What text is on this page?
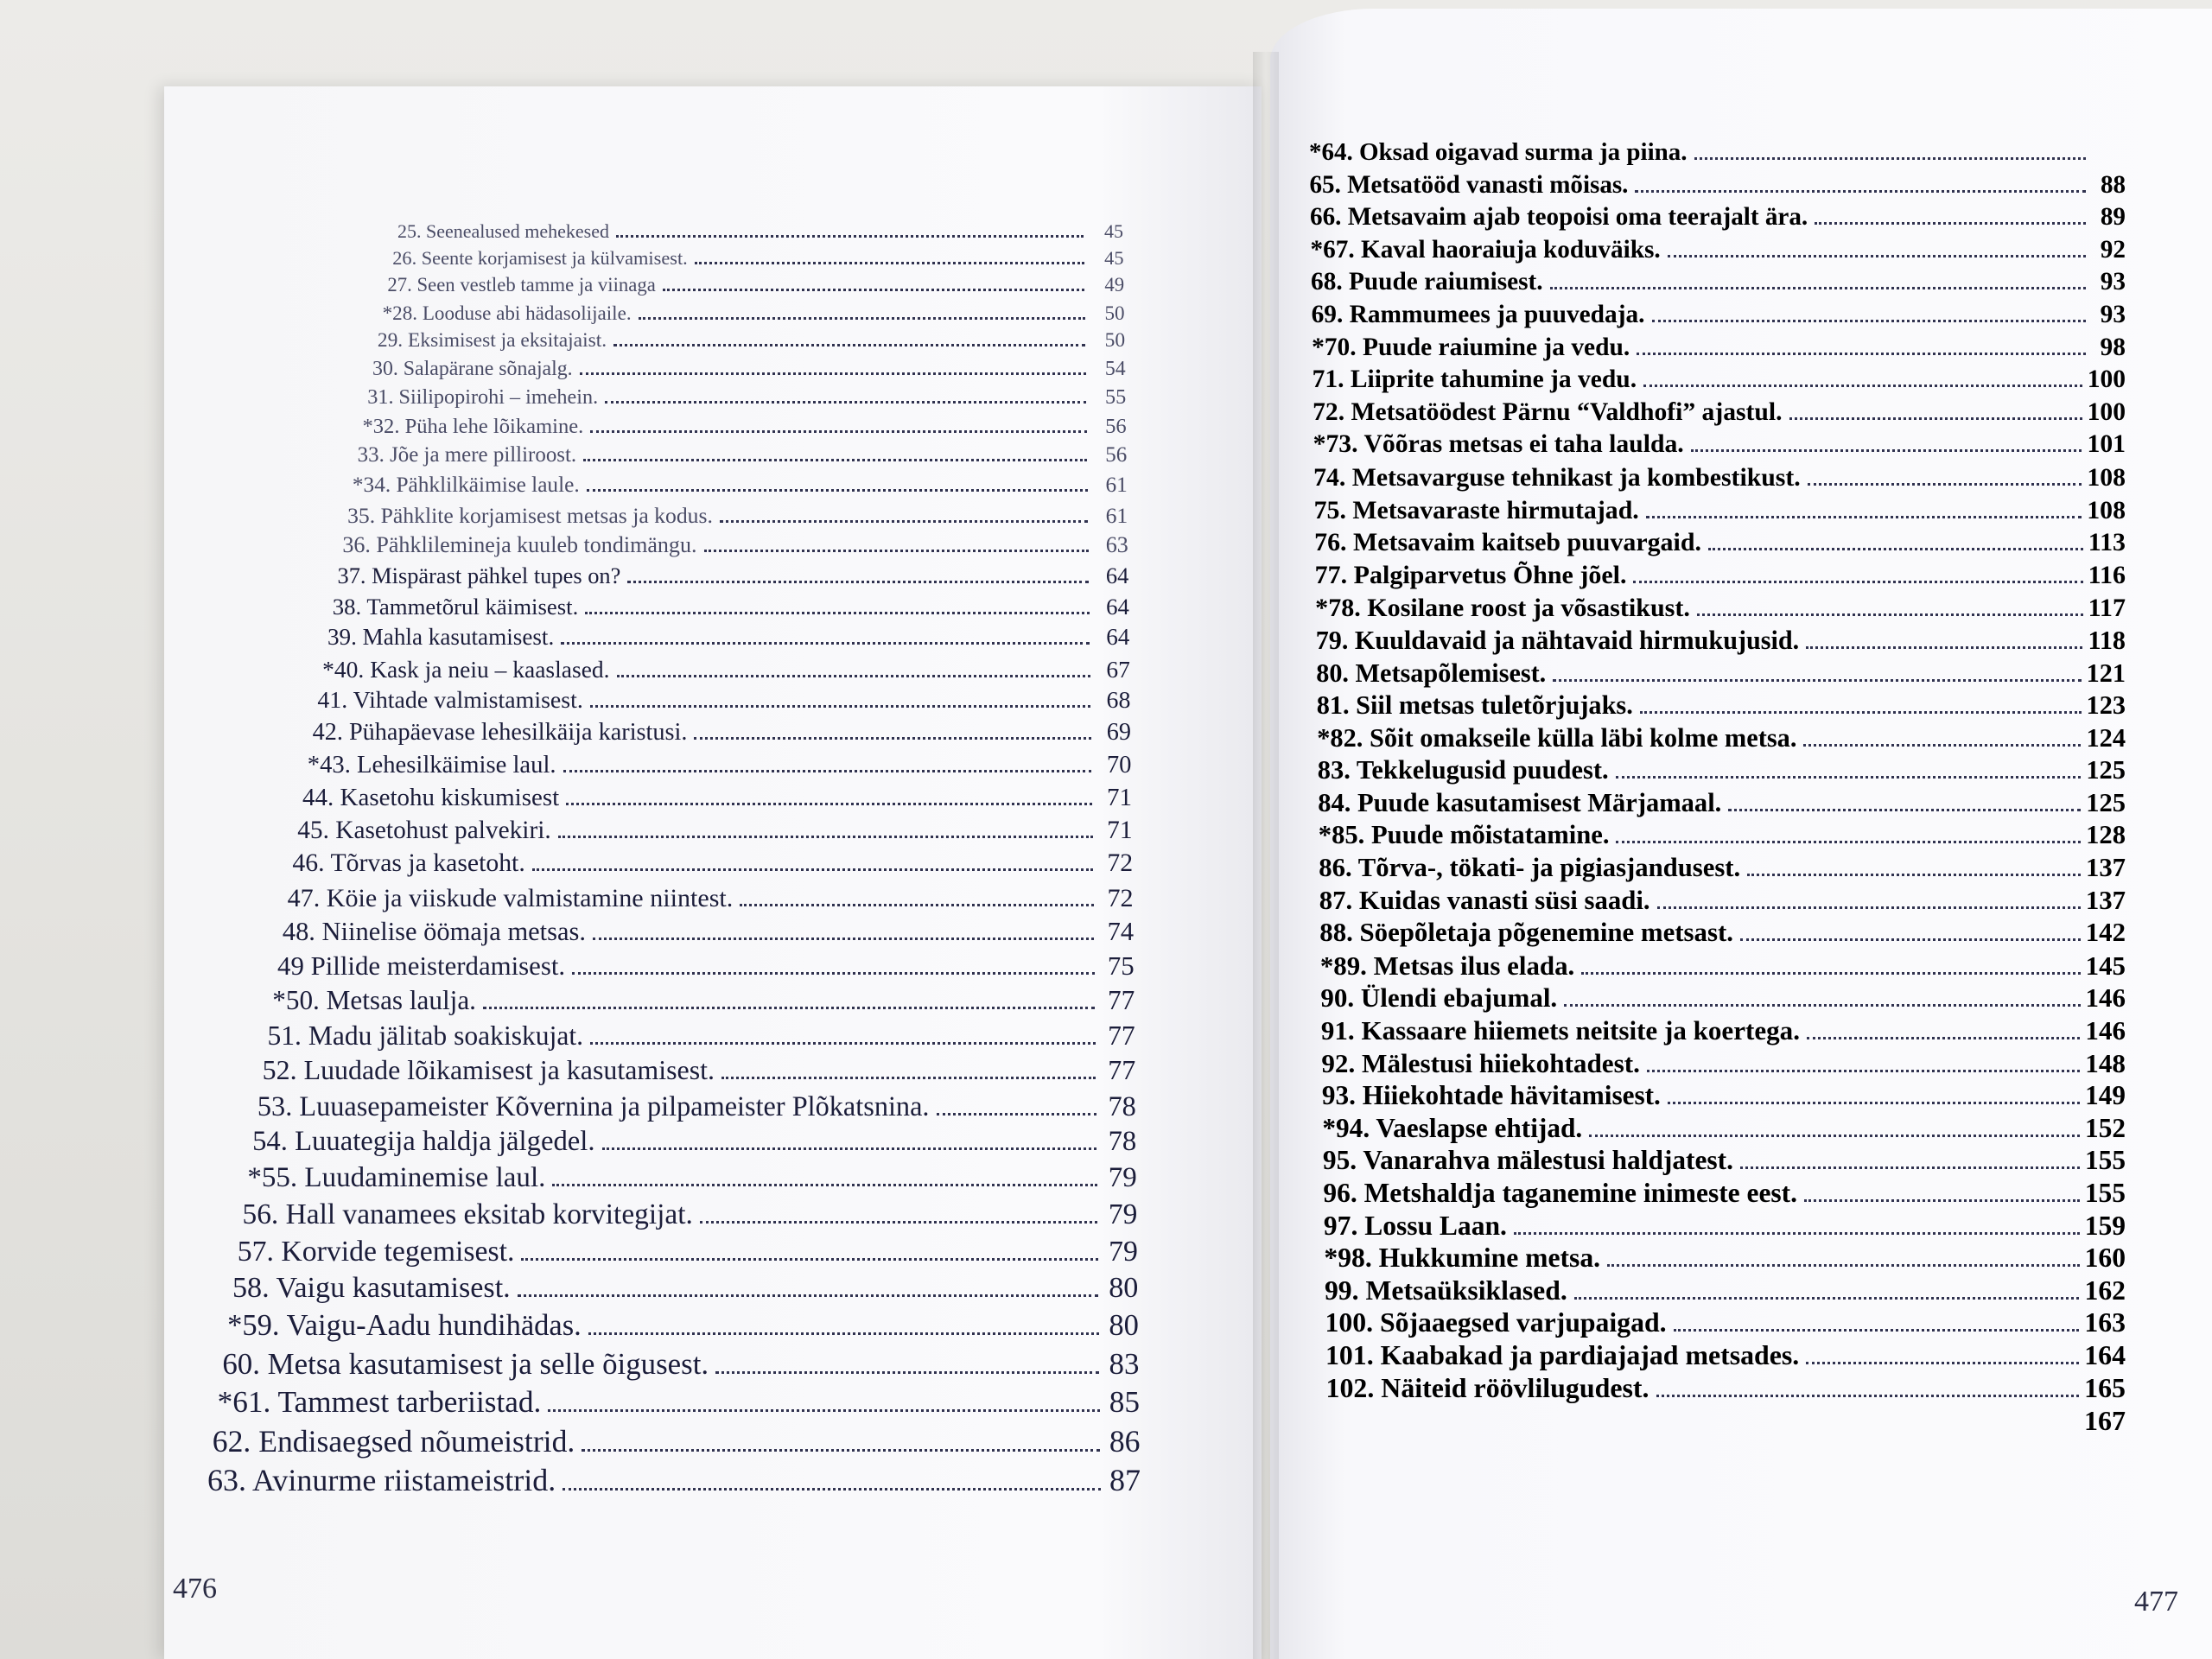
25. Seenealused mehekesed	45
26. Seente korjamisest ja külvamisest.	45
27. Seen vestleb tamme ja viinaga	49
*28. Looduse abi hädasolijaile.	50
29. Eksimisest ja eksitajaist.	50
30. Salapärane sõnajalg.	54
31. Siilipopirohi – imehein.	55
*32. Püha lehe lõikamine.	56
33. Jõe ja mere pilliroost.	56
*34. Pähklilkäimise laule.	61
35. Pähklite korjamisest metsas ja kodus.	61
36. Pähklilemineja kuuleb tondimängu.	63
37. Mispärast pähkel tupes on?	64
38. Tammetõrul käimisest.	64
39. Mahla kasutamisest.	64
*40. Kask ja neiu – kaaslased.	67
41. Vihtade valmistamisest.	68
42. Pühapäevase lehesilkäija karistusi.	69
*43. Lehesilkäimise laul.	70
44. Kasetohu kiskumisest	71
45. Kasetohust palvekiri.	71
46. Tõrvas ja kasetoht.	72
47. Köie ja viiskude valmistamine niintest.	72
48. Niinelise öömaja metsas.	74
49 Pillide meisterdamisest.	75
*50. Metsas laulja.	77
51. Madu jälitab soakiskujat.	77
52. Luudade lõikamisest ja kasutamisest.	77
53. Luuasepameister Kõvernina ja pilpameister Plõkatsnina.	78
54. Luuategija haldja jälgedel.	78
*55. Luudaminemise laul.	79
56. Hall vanamees eksitab korvitegijat.	79
57. Korvide tegemisest.	79
58. Vaigu kasutamisest.	80
*59. Vaigu-Aadu hundihädas.	80
60. Metsa kasutamisest ja selle õigusest.	83
*61. Tammest tarberiistad.	85
62. Endisaegsed nõumeistrid.	86
63. Avinurme riistameistrid.	87
*64. Oksad oigavad surma ja piina.
65. Metsatööd vanasti mõisas.	88
66. Metsavaim ajab teopoisi oma teerajalt ära.	89
*67. Kaval haoraiuja koduväiks.	92
68. Puude raiumisest.	93
69. Rammumees ja puuvedaja.	93
*70. Puude raiumine ja vedu.	98
71. Liiprite tahumine ja vedu.	100
72. Metsatöödest Pärnu “Valdhofi” ajastul.	100
*73. Võõras metsas ei taha laulda.	101
74. Metsavarguse tehnikast ja kombestikust.	108
75. Metsavaraste hirmutajad.	108
76. Metsavaim kaitseb puuvargaid.	113
77. Palgiparvetus Õhne jõel.	116
*78. Kosilane roost ja võsastikust.	117
79. Kuuldavaid ja nähtavaid hirmukujusid.	118
80. Metsapõlemisest.	121
81. Siil metsas tuletõrjujaks.	123
*82. Sõit omakseile külla läbi kolme metsa.	124
83. Tekkelugusid puudest.	125
84. Puude kasutamisest Märjamaal.	125
*85. Puude mõistatamine.	128
86. Tõrva-, tökati- ja pigiasjandusest.	137
87. Kuidas vanasti süsi saadi.	137
88. Söepõletaja põgenemine metsast.	142
*89. Metsas ilus elada.	145
90. Ülendi ebajumal.	146
91. Kassaare hiiemets neitsite ja koertega.	146
92. Mälestusi hiiekohtadest.	148
93. Hiiekohtade hävitamisest.	149
*94. Vaeslapse ehtijad.	152
95. Vanarahva mälestusi haldjatest.	155
96. Metshaldja taganemine inimeste eest.	155
97. Lossu Laan.	159
*98. Hukkumine metsa.	160
99. Metsaüksiklased.	162
100. Sõjaaegsed varjupaigad.	163
101. Kaabakad ja pardiajajad metsades.	164
102. Näiteid röövlilugudest.	165
167
476	477
